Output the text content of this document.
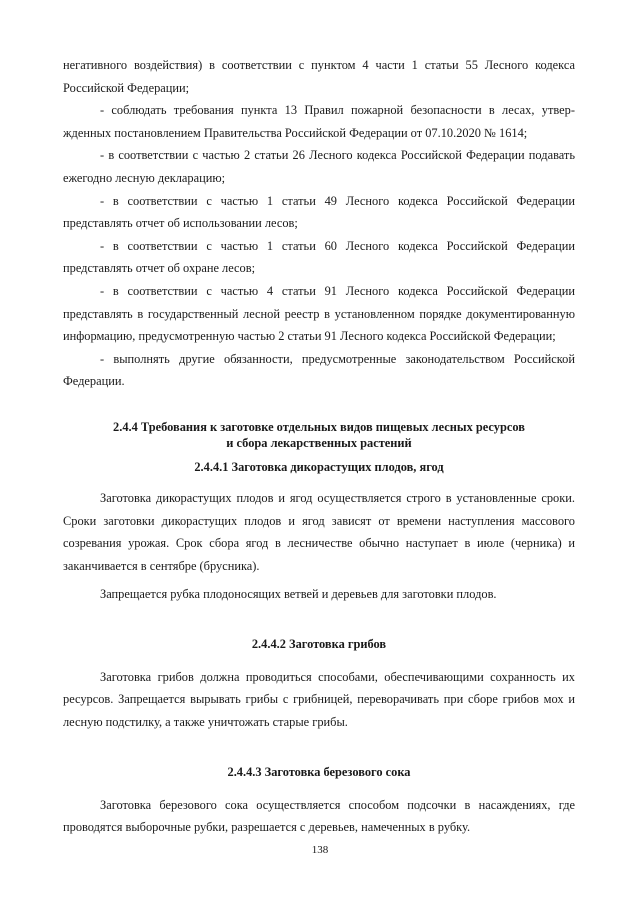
негативного воздействия) в соответствии с пунктом 4 части 1 статьи 55 Лесного кодекса Российской Федерации;

- соблюдать требования пункта 13 Правил пожарной безопасности в лесах, утвержденных постановлением Правительства Российской Федерации от 07.10.2020 № 1614;

- в соответствии с частью 2 статьи 26 Лесного кодекса Российской Федерации подавать ежегодно лесную декларацию;

- в соответствии с частью 1 статьи 49 Лесного кодекса Российской Федерации представлять отчет об использовании лесов;

- в соответствии с частью 1 статьи 60 Лесного кодекса Российской Федерации представлять отчет об охране лесов;

- в соответствии с частью 4 статьи 91 Лесного кодекса Российской Федерации представлять в государственный лесной реестр в установленном порядке документированную информацию, предусмотренную частью 2 статьи 91 Лесного кодекса Российской Федерации;

- выполнять другие обязанности, предусмотренные законодательством Российской Федерации.

2.4.4 Требования к заготовке отдельных видов пищевых лесных ресурсов
и сбора лекарственных растений
2.4.4.1 Заготовка дикорастущих плодов, ягод

Заготовка дикорастущих плодов и ягод осуществляется строго в установленные сроки. Сроки заготовки дикорастущих плодов и ягод зависят от времени наступления массового созревания урожая. Срок сбора ягод в лесничестве обычно наступает в июле (черника) и заканчивается в сентябре (брусника).

Запрещается рубка плодоносящих ветвей и деревьев для заготовки плодов.

2.4.4.2 Заготовка грибов

Заготовка грибов должна проводиться способами, обеспечивающими сохранность их ресурсов. Запрещается вырывать грибы с грибницей, переворачивать при сборе грибов мох и лесную подстилку, а также уничтожать старые грибы.

2.4.4.3 Заготовка березового сока

Заготовка березового сока осуществляется способом подсочки в насаждениях, где проводятся выборочные рубки, разрешается с деревьев, намеченных в рубку.

138
